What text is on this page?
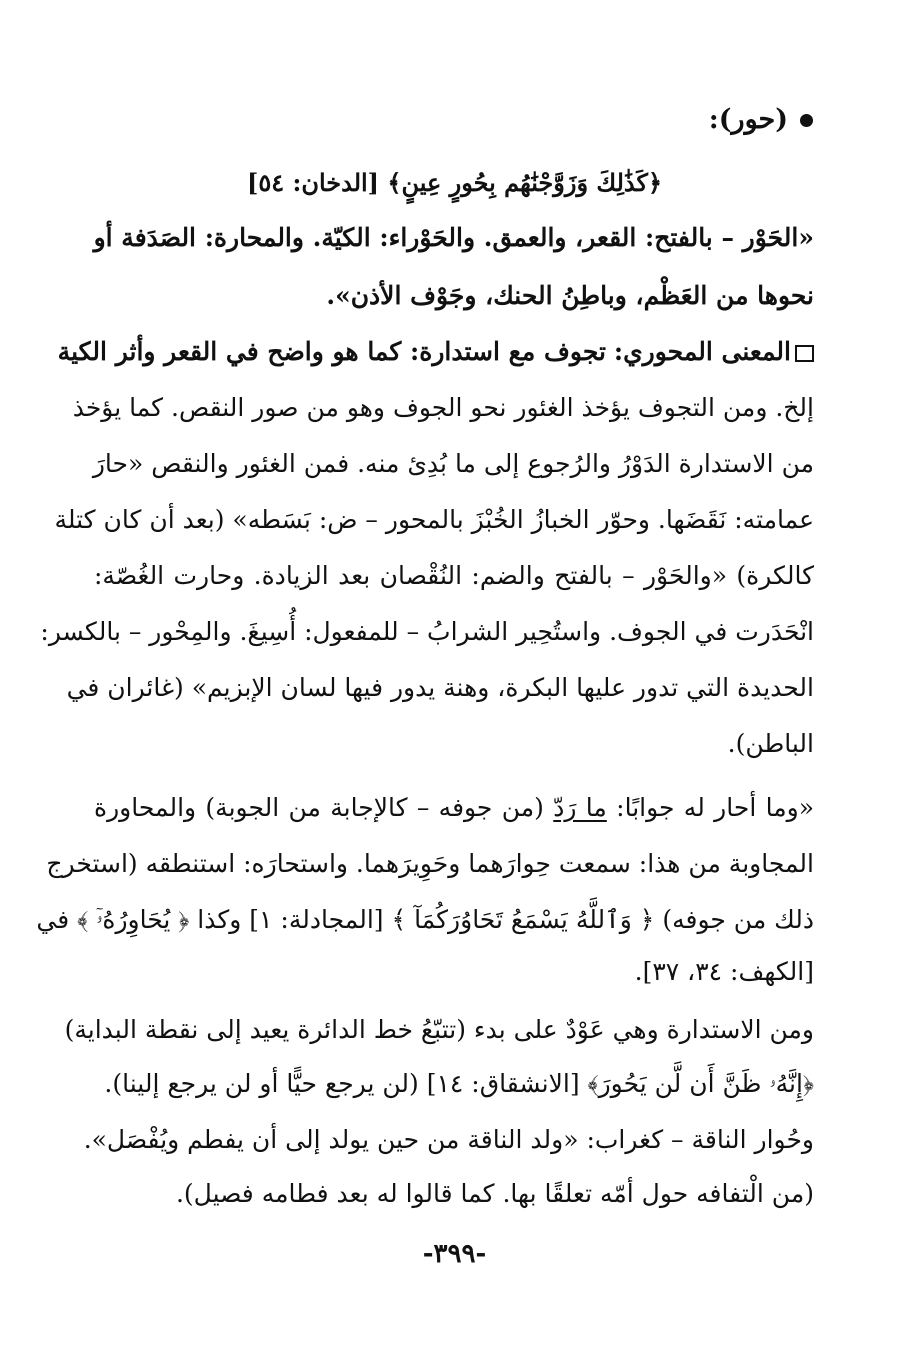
(حور):
﴿كَذَٰلِكَ وَزَوَّجْنَٰهُم بِحُورٍ عِينٍ﴾ [الدخان: ٥٤]
«الحَوْر – بالفتح: القعر، والعمق. والحَوْراء: الكيّة. والمحارة: الصَدَفة أو
نحوها من العَظْم، وباطِنُ الحنك، وجَوْف الأذن».
المعنى المحوري: تجوف مع استدارة: كما هو واضح في القعر وأثر الكية
إلخ. ومن التجوف يؤخذ الغئور نحو الجوف وهو من صور النقص. كما يؤخذ
من الاستدارة الدَوْرُ والرُجوع إلى ما بُدِئ منه. فمن الغئور والنقص «حارَ
عمامته: نَقَضَها. وحوّر الخبازُ الخُبْزَ بالمحور – ض: بَسَطه» (بعد أن كان كتلة
كالكرة) «والحَوْر – بالفتح والضم: النُقْصان بعد الزيادة. وحارت الغُصّة:
انْحَدَرت في الجوف. واستُحِير الشرابُ – للمفعول: أُسِيغَ. والمِحْور – بالكسر:
الحديدة التي تدور عليها البكرة، وهنة يدور فيها لسان الإبزيم» (غائران في
الباطن).
«وما أحار له جوابًا: ما رَدّ (من جوفه – كالإجابة من الجوبة) والمحاورة
المجاوبة من هذا: سمعت حِوارَهما وحَوِيرَهما. واستحارَه: استنطقه (استخرج
ذلك من جوفه) ﴿ وَٱللَّهُ يَسْمَعُ تَحَاوُرَكُمَآ ﴾ [المجادلة: ١] وكذا ﴿ يُحَاوِرُهُۥٓ ﴾ في
[الكهف: ٣٤، ٣٧].
ومن الاستدارة وهي عَوْدٌ على بدء (تتبّعُ خط الدائرة يعيد إلى نقطة البداية)
﴿إِنَّهُۥ ظَنَّ أَن لَّن يَحُورَ﴾ [الانشقاق: ١٤] (لن يرجع حيًّا أو لن يرجع إلينا).
وحُوار الناقة – كغراب: «ولد الناقة من حين يولد إلى أن يفطم ويُفْصَل».
(من الْتفافه حول أمّه تعلقًا بها. كما قالوا له بعد فطامه فصيل).
-٣٩٩-
